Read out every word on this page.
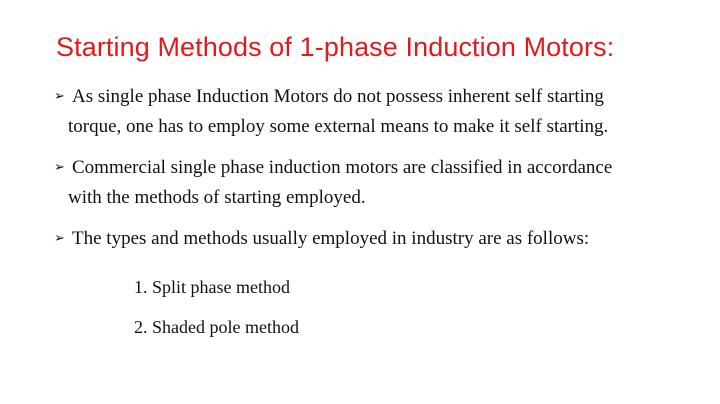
Starting Methods of 1-phase Induction Motors:
➢ As single phase Induction Motors do not possess inherent self starting
torque, one has to employ some external means to make it self starting.
➢ Commercial single phase induction motors are classified in accordance
with the methods of starting employed.
➢ The types and methods usually employed in industry are as follows:
1. Split phase method
2. Shaded pole method
